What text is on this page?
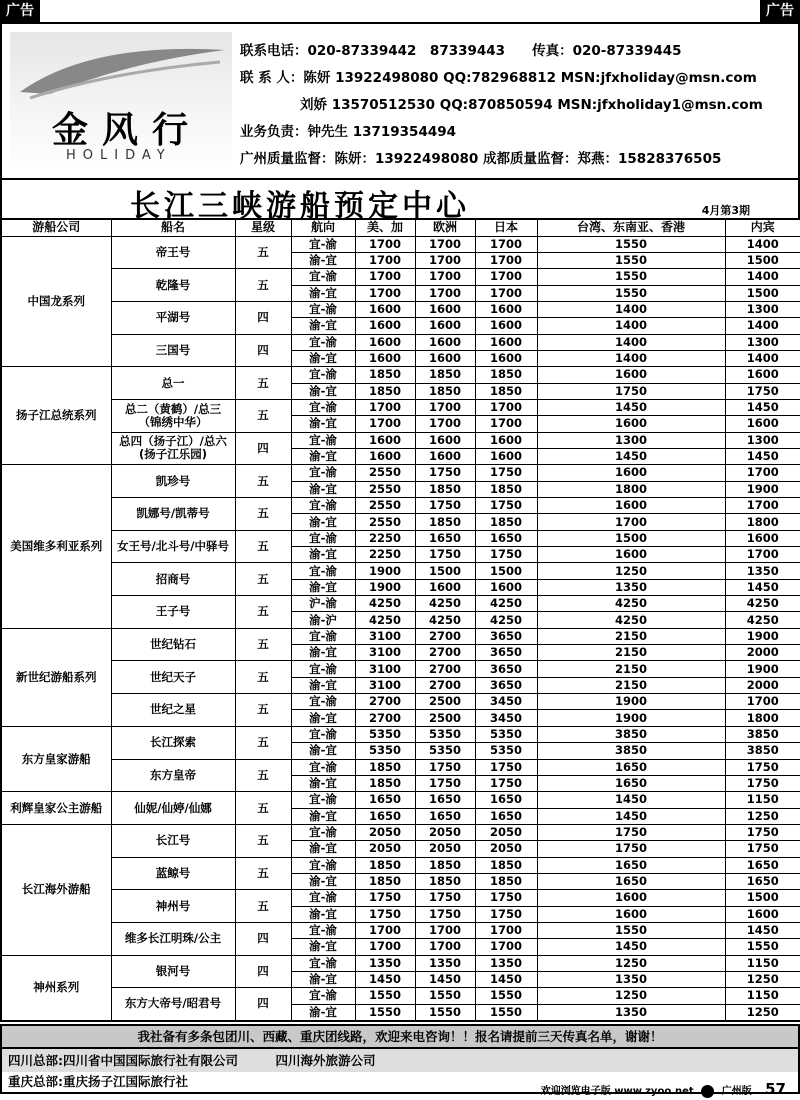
广告	广告
金风行
HOLIDAY
联系电话：020-87339442　87339443　　传真：020-87339445
联 系 人：陈妍 13922498080 QQ:782968812 MSN:jfxholiday@msn.com
刘娇 13570512530 QQ:870850594 MSN:jfxholiday1@msn.com
业务负责：钟先生 13719354494
广州质量监督：陈妍：13922498080 成都质量监督：郑燕：15828376505
长江三峡游船预定中心	4月第3期
游船公司	船名	星级	航向	美、加	欧洲	日本	台湾、东南亚、香港	内宾
中国龙系列	帝王号	五	宜-渝	1700	1700	1700	1550	1400
			渝-宜	1700	1700	1700	1550	1500
	乾隆号	五	宜-渝	1700	1700	1700	1550	1400
			渝-宜	1700	1700	1700	1550	1500
	平湖号	四	宜-渝	1600	1600	1600	1400	1300
			渝-宜	1600	1600	1600	1400	1400
	三国号	四	宜-渝	1600	1600	1600	1400	1300
			渝-宜	1600	1600	1600	1400	1400
扬子江总统系列	总一	五	宜-渝	1850	1850	1850	1600	1600
			渝-宜	1850	1850	1850	1750	1750
	总二（黄鹤）/总三（锦绣中华）	五	宜-渝	1700	1700	1700	1450	1450
			渝-宜	1700	1700	1700	1600	1600
	总四（扬子江）/总六(扬子江乐园)	四	宜-渝	1600	1600	1600	1300	1300
			渝-宜	1600	1600	1600	1450	1450
美国维多利亚系列	凯珍号	五	宜-渝	2550	1750	1750	1600	1700
			渝-宜	2550	1850	1850	1800	1900
	凯娜号/凯蒂号	五	宜-渝	2550	1750	1750	1600	1700
			渝-宜	2550	1850	1850	1700	1800
	女王号/北斗号/中驿号	五	宜-渝	2250	1650	1650	1500	1600
			渝-宜	2250	1750	1750	1600	1700
	招商号	五	宜-渝	1900	1500	1500	1250	1350
			渝-宜	1900	1600	1600	1350	1450
	王子号	五	沪-渝	4250	4250	4250	4250	4250
			渝-沪	4250	4250	4250	4250	4250
新世纪游船系列	世纪钻石	五	宜-渝	3100	2700	3650	2150	1900
			渝-宜	3100	2700	3650	2150	2000
	世纪天子	五	宜-渝	3100	2700	3650	2150	1900
			渝-宜	3100	2700	3650	2150	2000
	世纪之星	五	宜-渝	2700	2500	3450	1900	1700
			渝-宜	2700	2500	3450	1900	1800
东方皇家游船	长江探索	五	宜-渝	5350	5350	5350	3850	3850
			渝-宜	5350	5350	5350	3850	3850
	东方皇帝	五	宜-渝	1850	1750	1750	1650	1750
			渝-宜	1850	1750	1750	1650	1750
利辉皇家公主游船	仙妮/仙婷/仙娜	五	宜-渝	1650	1650	1650	1450	1150
			渝-宜	1650	1650	1650	1450	1250
长江海外游船	长江号	五	宜-渝	2050	2050	2050	1750	1750
			渝-宜	2050	2050	2050	1750	1750
	蓝鲸号	五	宜-渝	1850	1850	1850	1650	1650
			渝-宜	1850	1850	1850	1650	1650
	神州号	五	宜-渝	1750	1750	1750	1600	1500
			渝-宜	1750	1750	1750	1600	1600
	维多长江明珠/公主	四	宜-渝	1700	1700	1700	1550	1450
			渝-宜	1700	1700	1700	1450	1550
神州系列	银河号	四	宜-渝	1350	1350	1350	1250	1150
			渝-宜	1450	1450	1450	1350	1250
	东方大帝号/昭君号	四	宜-渝	1550	1550	1550	1250	1150
			渝-宜	1550	1550	1550	1350	1250
我社备有多条包团川、西藏、重庆团线路，欢迎来电咨询！！报名请提前三天传真名单，谢谢！
四川总部:四川省中国国际旅行社有限公司　　　四川海外旅游公司
重庆总部:重庆扬子江国际旅行社
欢迎浏览电子版 www.zyoo.net	广州版 57
